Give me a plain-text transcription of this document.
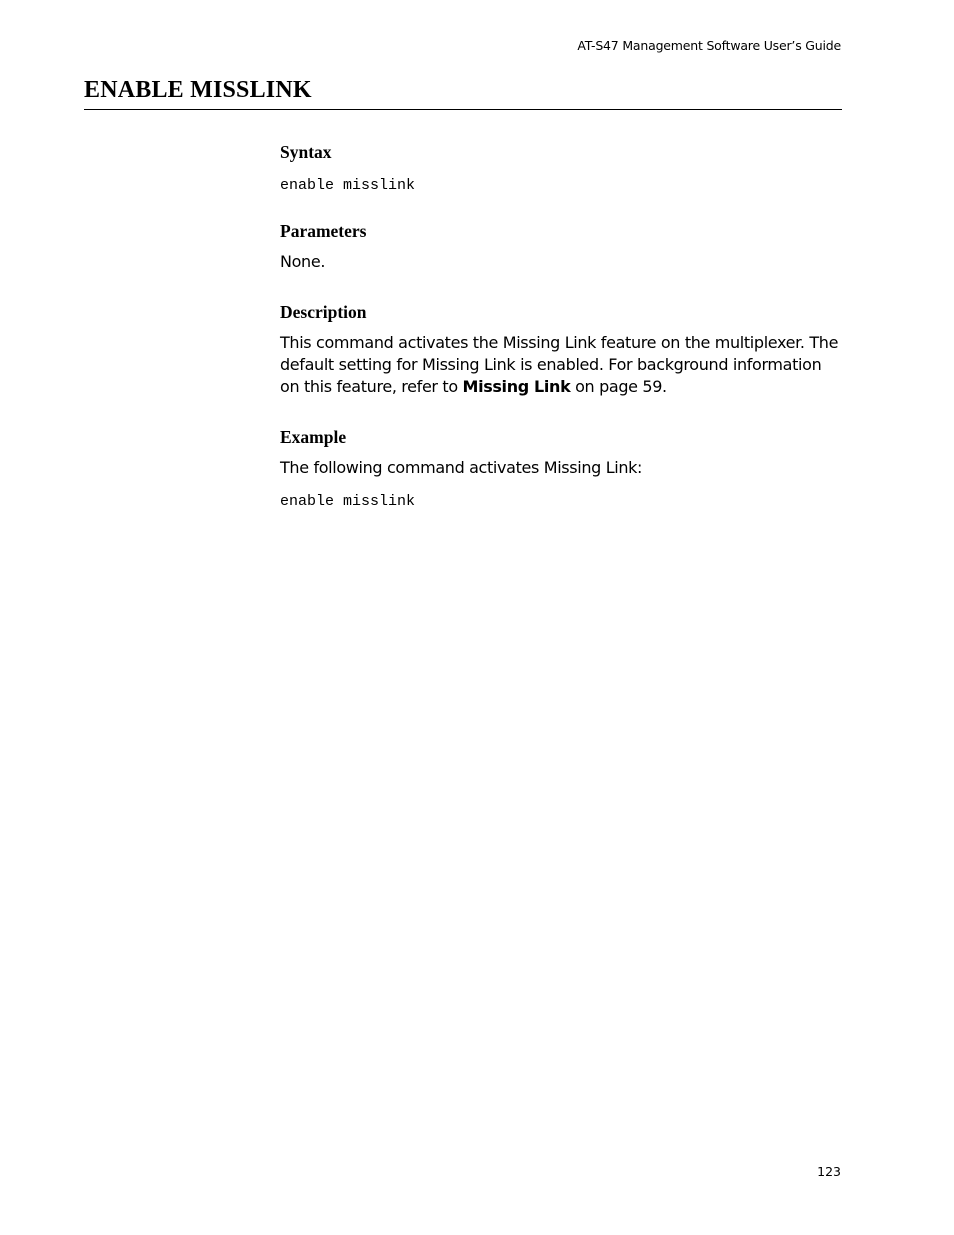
AT-S47 Management Software User’s Guide
ENABLE MISSLINK
Syntax
enable misslink
Parameters

None.

Description

This command activates the Missing Link feature on the multiplexer. The default setting for Missing Link is enabled. For background information on this feature, refer to Missing Link on page 59.

Example

The following command activates Missing Link:

enable misslink
123
